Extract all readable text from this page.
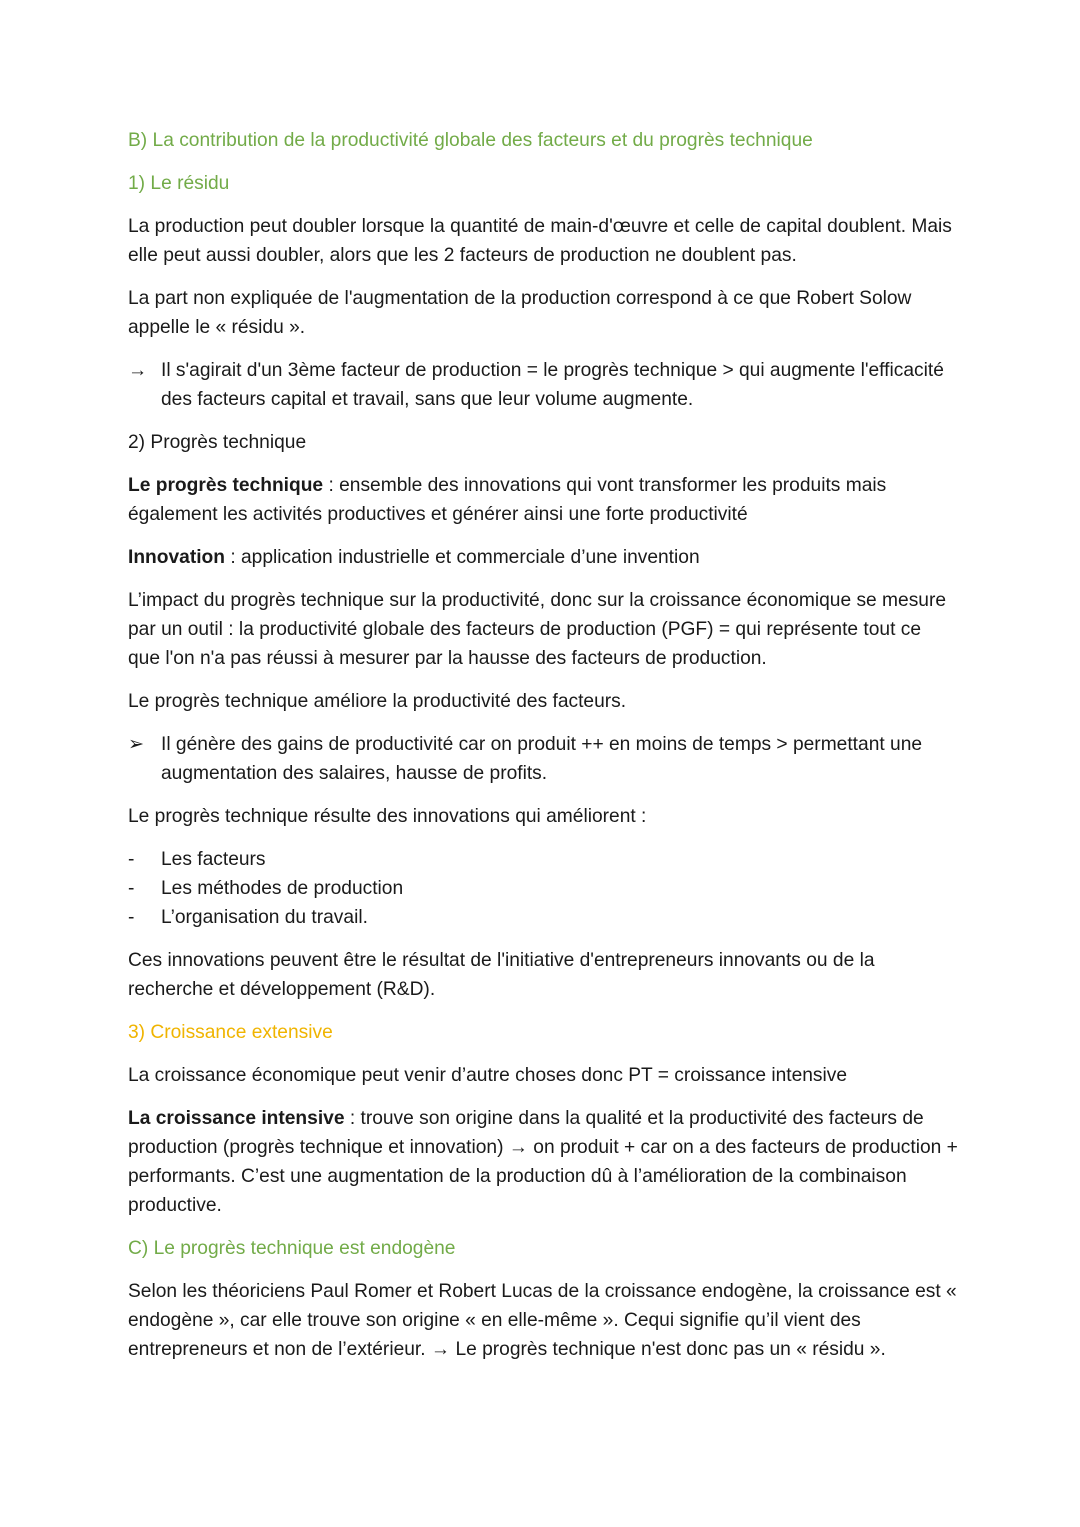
B) La contribution de la productivité globale des facteurs et du progrès technique
1) Le résidu

La production peut doubler lorsque la quantité de main-d'œuvre et celle de capital doublent. Mais elle peut aussi doubler, alors que les 2 facteurs de production ne doublent pas.

La part non expliquée de l'augmentation de la production correspond à ce que Robert Solow appelle le « résidu ».

→ Il s'agirait d'un 3ème facteur de production = le progrès technique > qui augmente l'efficacité des facteurs capital et travail, sans que leur volume augmente.
2) Progrès technique

Le progrès technique : ensemble des innovations qui vont transformer les produits mais également les activités productives et générer ainsi une forte productivité

Innovation : application industrielle et commerciale d’une invention

L’impact du progrès technique sur la productivité, donc sur la croissance économique se mesure par un outil : la productivité globale des facteurs de production (PGF) = qui représente tout ce que l'on n'a pas réussi à mesurer par la hausse des facteurs de production.

Le progrès technique améliore la productivité des facteurs.

➢ Il génère des gains de productivité car on produit ++ en moins de temps > permettant une augmentation des salaires, hausse de profits.

Le progrès technique résulte des innovations qui améliorent :

- Les facteurs
- Les méthodes de production
- L’organisation du travail.

Ces innovations peuvent être le résultat de l'initiative d'entrepreneurs innovants ou de la recherche et développement (R&D).

3) Croissance extensive

La croissance économique peut venir d’autre choses donc PT = croissance intensive

La croissance intensive : trouve son origine dans la qualité et la productivité des facteurs de production (progrès technique et innovation) → on produit + car on a des facteurs de production + performants. C’est une augmentation de la production dû à l’amélioration de la combinaison productive.

C) Le progrès technique est endogène

Selon les théoriciens Paul Romer et Robert Lucas de la croissance endogène, la croissance est « endogène », car elle trouve son origine « en elle-même ». Cequi signifie qu’il vient des entrepreneurs et non de l’extérieur. → Le progrès technique n'est donc pas un « résidu ».
